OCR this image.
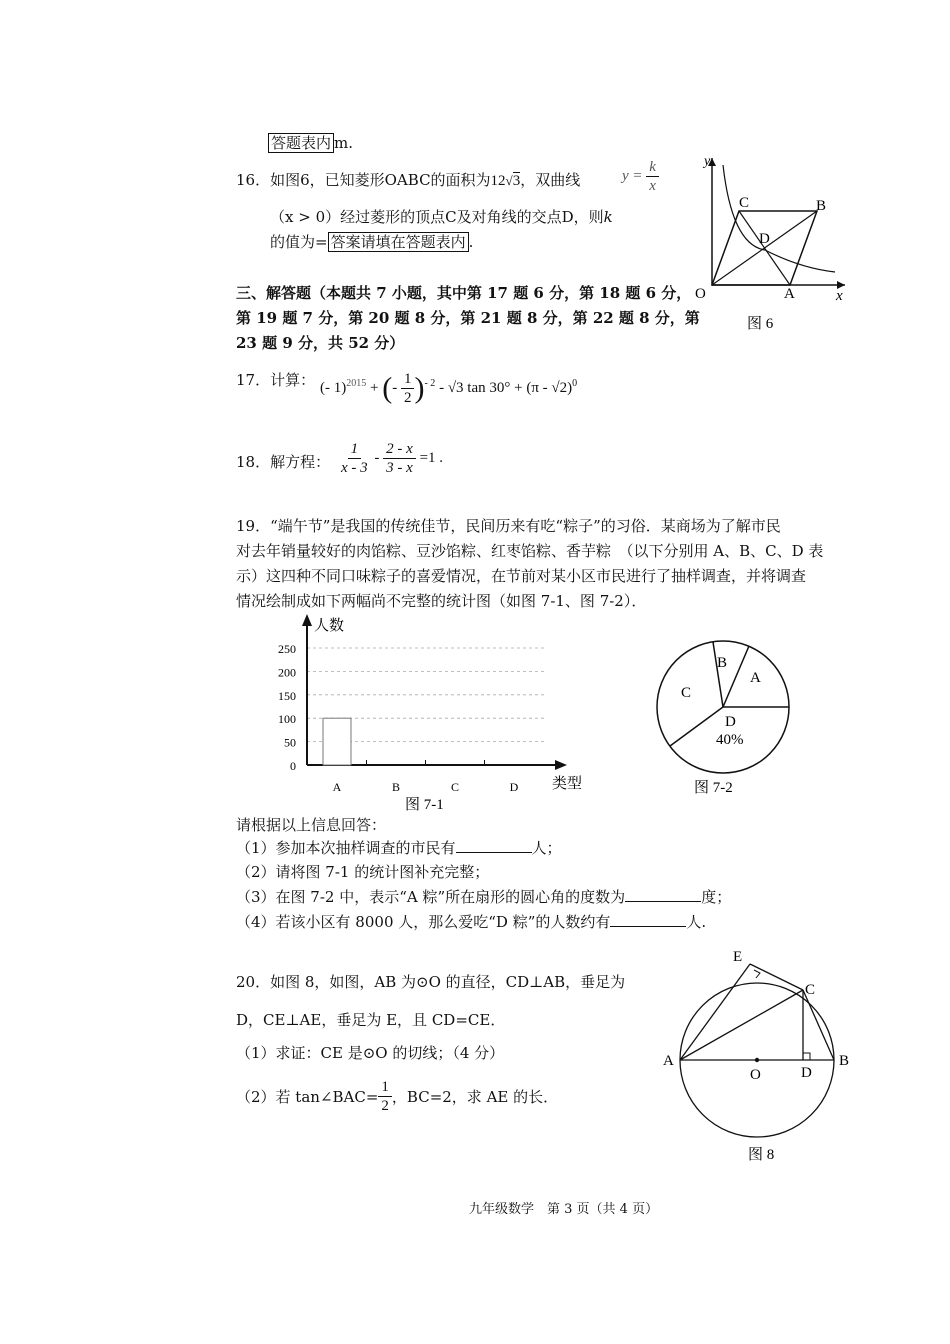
答题表内 m.
16．如图6，已知菱形OABC的面积为12√3，双曲线	$y = \frac{k}{x}$
（x > 0）经过菱形的顶点C及对角线的交点D，则k
的值为= 答案请填在答题表内 .
y
x
O	A
B
C
D
图 6
三、解答题（本题共 7 小题，其中第 17 题 6 分，第 18 题 6 分，
第 19 题 7 分，第 20 题 8 分，第 21 题 8 分，第 22 题 8 分，第
23 题 9 分，共 52 分）
17．计算： (- 1)$^{2015}$ + (- $\frac{1}{2} )^{- 2} - √3$ tan 30° + (π - √2)$^0$
18．解方程： $\frac{1}{x - 3} - \frac{2 - x}{3 - x} =1$ .
19．“端午节”是我国的传统佳节，民间历来有吃“粽子”的习俗．某商场为了解市民
对去年销量较好的肉馅粽、豆沙馅粽、红枣馅粽、香芋粽　（以下分别用 A、B、C、D 表
示）这四种不同口味粽子的喜爱情况，在节前对某小区市民进行了抽样调查，并将调查
情况绘制成如下两幅尚不完整的统计图（如图 7-1、图 7-2）．
0
50
100
150
200
250
A	B	C	D
人数
类型
图 7-1
A
B
C
D
40%
图 7-2
请根据以上信息回答：
（1）参加本次抽样调查的市民有	人；
（2）请将图 7-1 的统计图补充完整；
（3）在图 7-2 中，表示“A 粽”所在扇形的圆心角的度数为	度；
（4）若该小区有 8000 人，那么爱吃“D 粽”的人数约有	人.
20．如图 8，如图，AB 为⊙O 的直径，CD⊥AB，垂足为
D，CE⊥AE，垂足为 E，且 CD=CE．
（1）求证：CE 是⊙O 的切线；（4 分）
（2）若 tan∠BAC= $\frac{1}{2}$ ，BC=2，求 AE 的长．
E
C
A	B
O	D
图 8
九年级数学　第 3 页（共 4 页）
